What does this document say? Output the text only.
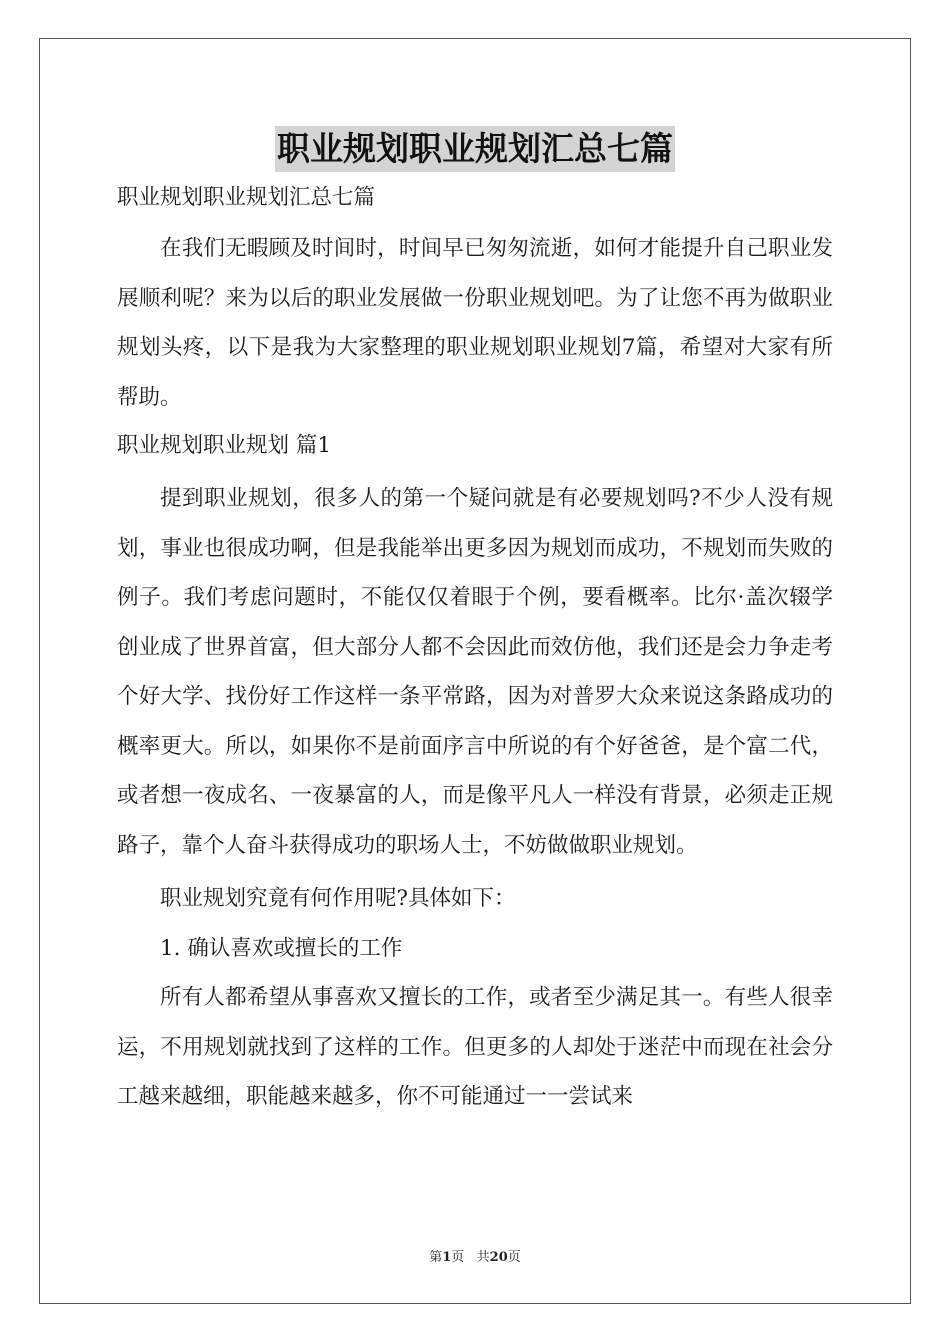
职业规划职业规划汇总七篇

职业规划职业规划汇总七篇

在我们无暇顾及时间时，时间早已匆匆流逝，如何才能提升自己职业发展顺利呢？来为以后的职业发展做一份职业规划吧。为了让您不再为做职业规划头疼，以下是我为大家整理的职业规划职业规划7篇，希望对大家有所帮助。

职业规划职业规划 篇1

提到职业规划，很多人的第一个疑问就是有必要规划吗?不少人没有规划，事业也很成功啊，但是我能举出更多因为规划而成功，不规划而失败的例子。我们考虑问题时，不能仅仅着眼于个例，要看概率。比尔·盖次辍学创业成了世界首富，但大部分人都不会因此而效仿他，我们还是会力争走考个好大学、找份好工作这样一条平常路，因为对普罗大众来说这条路成功的概率更大。所以，如果你不是前面序言中所说的有个好爸爸，是个富二代，或者想一夜成名、一夜暴富的人，而是像平凡人一样没有背景，必须走正规路子，靠个人奋斗获得成功的职场人士，不妨做做职业规划。

职业规划究竟有何作用呢?具体如下：

1. 确认喜欢或擅长的工作

所有人都希望从事喜欢又擅长的工作，或者至少满足其一。有些人很幸运，不用规划就找到了这样的工作。但更多的人却处于迷茫中而现在社会分工越来越细，职能越来越多，你不可能通过一一尝试来

第1页   共20页
